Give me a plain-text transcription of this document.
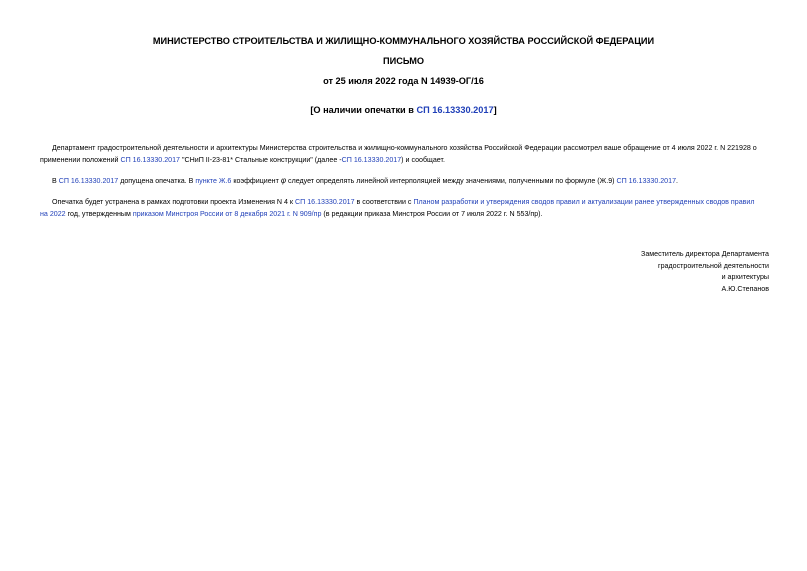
МИНИСТЕРСТВО СТРОИТЕЛЬСТВА И ЖИЛИЩНО-КОММУНАЛЬНОГО ХОЗЯЙСТВА РОССИЙСКОЙ ФЕДЕРАЦИИ
ПИСЬМО
от 25 июля 2022 года N 14939-ОГ/16
[О наличии опечатки в СП 16.13330.2017]
Департамент градостроительной деятельности и архитектуры Министерства строительства и жилищно-коммунального хозяйства Российской Федерации рассмотрел ваше обращение от 4 июля 2022 г. N 221928 о
применении положений СП 16.13330.2017 "СНиП II-23-81* Стальные конструкции" (далее -СП 16.13330.2017) и сообщает.
В СП 16.13330.2017 допущена опечатка. В пункте Ж.6 коэффициент φ следует определять линейной интерполяцией между значениями, полученными по формуле (Ж.9) СП 16.13330.2017.
Опечатка будет устранена в рамках подготовки проекта Изменения N 4 к СП 16.13330.2017 в соответствии с Планом разработки и утверждения сводов правил и актуализации ранее утвержденных сводов правил
на 2022 год, утвержденным приказом Минстроя России от 8 декабря 2021 г. N 909/пр (в редакции приказа Минстроя России от 7 июля 2022 г. N 553/пр).
Заместитель директора Департамента
градостроительной деятельности
и архитектуры
А.Ю.Степанов
